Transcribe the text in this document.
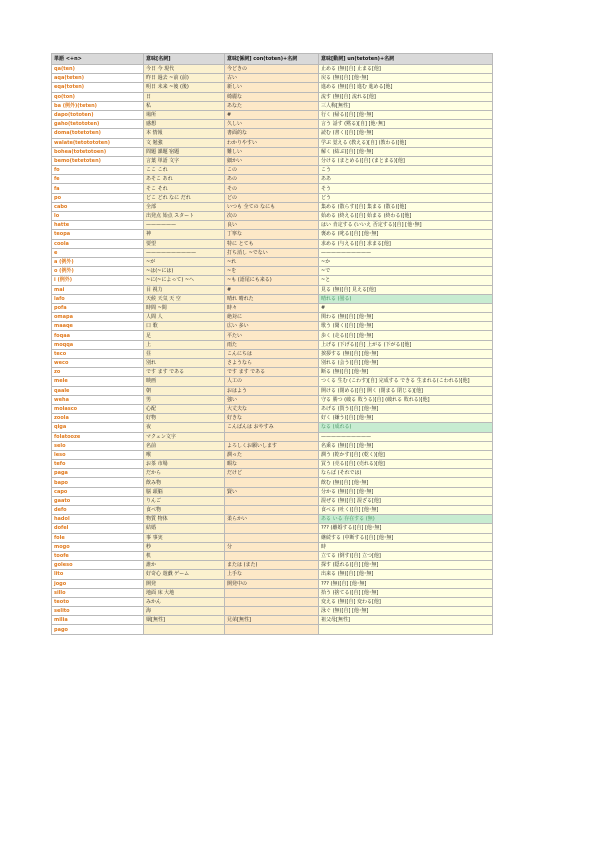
単語 <+n>	意味[名詞]	意味[係詞] con(toten)+名詞	意味[動詞] un(tetoten)+名詞
qa(ten)	今日 今 現代	今どきの	止める (無)[自] 止まる[他]
aqa(teten)	昨日 過去 ~前 (前)	古い	戻る (無)[自] [他･無]
eqa(toten)	明日 未来 ~後 (後)	新しい	進める (無)[自] 進む 進める[他]
qo(ton)	日	綺麗な	流す (無)[自] 流れる[他]
ba (例外)(teten)	私	あなた	三人称[無性]
dapo(tototen)	場所	#	行く (帰る)[自] [他･無]
gaho(tetototen)	感想	久しい	言う 話す (黙る)[自] [他･無]
doma(totetoten)	本 情報	書面的な	読む (書く)[自] [他･無]
walate(tetotototen)	文 勉強	わかりやすい	学ぶ 覚える (教える)[自] (教わる)[他]
bohea(totetotoen)	問題 課題 宿題	難しい	解く (結ぶ)[自] [他･無]
bemo(tetetoten)	言葉 単語 文字	細かい	分ける (まとめる)[自] (まとまる)[他]
fo	ここ これ	この	こう
fe	あそこ あれ	あの	ああ
fa	そこ それ	その	そう
po	どこ どれ なに だれ	どの	どう
cabo	全部	いつも 全ての なにも	集める (散らす)[自] 集まる (散る)[他]
lo	出発点 始点 スタート	次の	始める (終える)[自] 始まる (終わる)[他]
hatte	——————	良い	はい 肯定する (いいえ 否定する)[自] [他･無]
teopa	神	丁寧な	褒める (叱る)[自] [他･無]
coola	要望	特に とても	求める (与える)[自] 求まる[他]
e	——————————	打ち消し ~でない	——————————
a (例外)	~が	~れ	~か
o (例外)	~は(~には)	~を	~で
i (例外)	~に(~によって) ~へ	~も (語尾にも来る)	~と
mai	目 視力	#	見る (無)[自] 見える[他]
lafo	天候 天気 天 空	晴れ 晴れた	晴れる (曇る)
pofa	時間 ~間	時々	#
omapa	人間 人	絶対に	関わる (無)[自] [他･無]
maaqe	口 歌	広い 多い	歌う (聞く)[自] [他･無]
foqaa	足	平たい	歩く (走る)[自] [他･無]
moqqa	上	雨た	上げる (下げる)[自] 上がる (下がる)[他]
teco	昼	こんにちは	挨拶する (無)[自] [他･無]
weco	別れ	さようなら	別れる (会う)[自] [他･無]
zo	です ます である	です ます である	断る (無)[自] [他･無]
mele	映画	人工の	つくる 生む (こわす)[自] 完成する できる 生まれる(こわれる)[他]
qaale	朝	おはよう	開ける (閉める)[自] 開く (閉まる 閉じる)[他]
weha	男	強い	守る 勝つ (破る 敗うる)[自] (破れる 敗れる)[他]
molasco	心配	大丈夫な	あげる (貰う)[自] [他･無]
zoola	好物	好きな	好く (嫌う)[自] [他･無]
qiga	夜	こんばんは おやすみ	なる (成れる)
folatooze	マクェン文字		——————————
selo	名前	よろしくお願いします	名乗る (無)[自] [他･無]
leso	喉	潤った	潤う (乾かす)[自] (乾く)[他]
tefo	お茶 市場	暇な	買う (売る)[自] (売れる)[他]
paga	だから	だけど	ならば (それでは)
bapo	飲み物		飲む (無)[自] [他･無]
capo	脳 頭脳	賢い	分かる (無)[自] [他･無]
gaato	りんご		混ぜる (無)[自] 混ざる[他]
defo	食べ物		食べる (吐く)[自] [他･無]
hadol	物質 物体	柔らかい	ある いる 存在する (無)
dofel	結婚		??? (離婚する)[自] [他･無]
fole	事 事実		継続する (中断する)[自] [他･無]
mogo	秒	分	時
toofe	机		立てる (倒す)[自] 立つ[他]
goleso	誰か	または (また)	探す (隠れる)[自] [他･無]
lito	好奇心 遊戯 ゲーム	上手な	出来る (無)[自] [他･無]
jogo	開発	開発中の	??? (無)[自] [他･無]
sillo	地面 床 大地		拾う (捨てる)[自] [他･無]
teoto	みかん		変える (無)[自] 変わる[他]
selito	海		泳ぐ (無)[自] [他･無]
milia	姻[無性]	兄弟[無性]	祖父母[無性]
pago			
